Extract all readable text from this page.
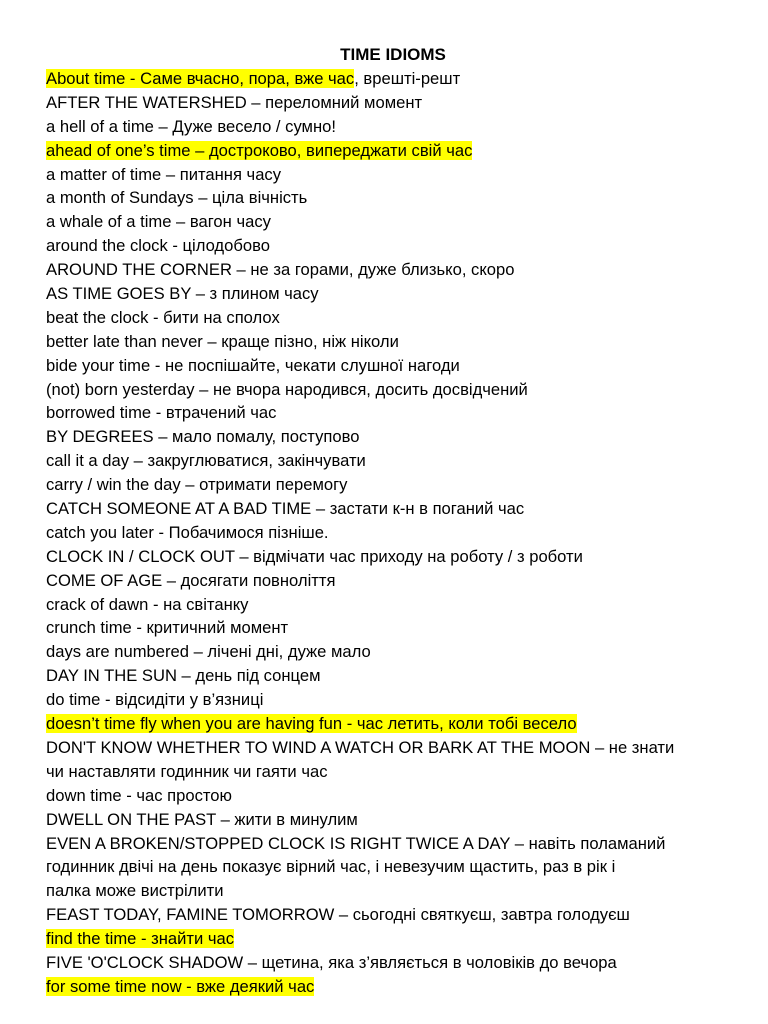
TIME IDIOMS
About time - Саме вчасно, пора, вже час, врешті-решт
AFTER THE WATERSHED – переломний момент
a hell of a time – Дуже весело / сумно!
ahead of one’s time – достроково, випереджати свій час
a matter of time – питання часу
a month of Sundays – ціла вічність
a whale of a time – вагон часу
around the clock - цілодобово
AROUND THE CORNER – не за горами, дуже близько, скоро
AS TIME GOES BY – з плином часу
beat the clock - бити на сполох
better late than never – краще пізно, ніж ніколи
bide your time - не поспішайте, чекати слушної нагоди
(not) born yesterday – не вчора народився, досить досвідчений
borrowed time - втрачений час
BY DEGREES – мало помалу, поступово
call it a day – закруглюватися, закінчувати
carry / win the day – отримати перемогу
CATCH SOMEONE AT A BAD TIME – застати к-н в поганий час
catch you later - Побачимося пізніше.
CLOCK IN / CLOCK OUT – відмічати час приходу на роботу / з роботи
COME OF AGE – досягати повноліття
crack of dawn - на світанку
crunch time - критичний момент
days are numbered – лічені дні, дуже мало
DAY IN THE SUN – день під сонцем
do time - відсидіти у в’язниці
doesn’t time fly when you are having fun - час летить, коли тобі весело
DON'T KNOW WHETHER TO WIND A WATCH OR BARK AT THE MOON – не знати
чи наставляти годинник чи гаяти час
down time - час простою
DWELL ON THE PAST – жити в минулим
EVEN A BROKEN/STOPPED CLOCK IS RIGHT TWICE A DAY – навіть поламаний
годинник двічі на день показує вірний час, і невезучим щастить, раз в рік і
палка може вистрілити
FEAST TODAY, FAMINE TOMORROW – сьогодні святкуєш, завтра голодуєш
find the time - знайти час
FIVE 'O'CLOCK SHADOW – щетина, яка з’являється в чоловіків до вечора
for some time now - вже деякий час
